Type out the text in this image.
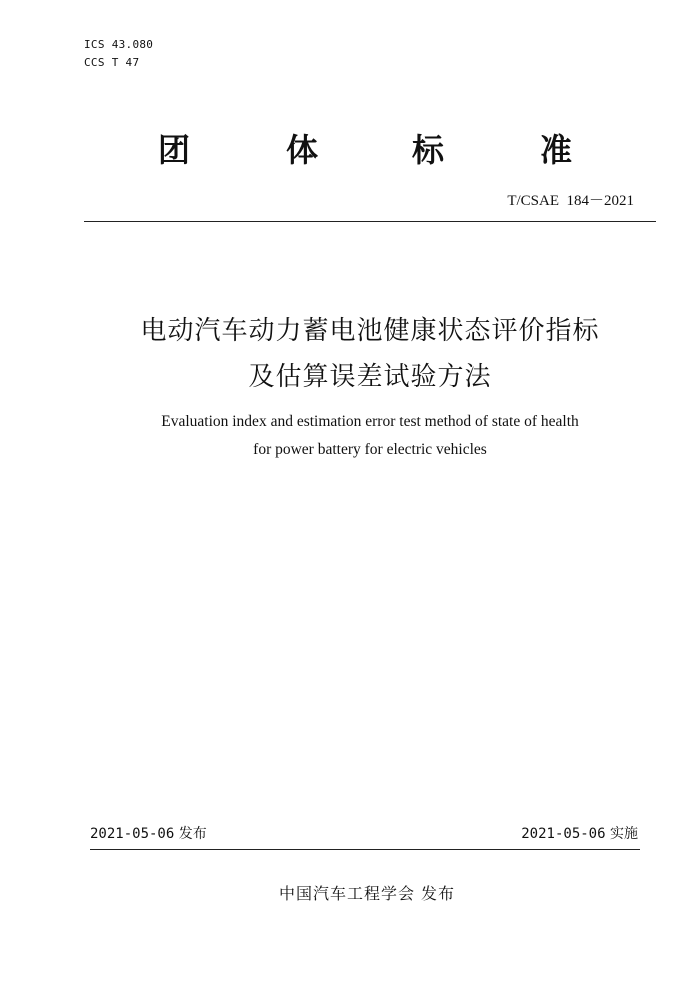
ICS 43.080
CCS T 47
团	体	标	准
T/CSAE  184－2021
电动汽车动力蓄电池健康状态评价指标
及估算误差试验方法
Evaluation index and estimation error test method of state of health
for power battery for electric vehicles
2021-05-06 发布	2021-05-06 实施
中国汽车工程学会 发布
